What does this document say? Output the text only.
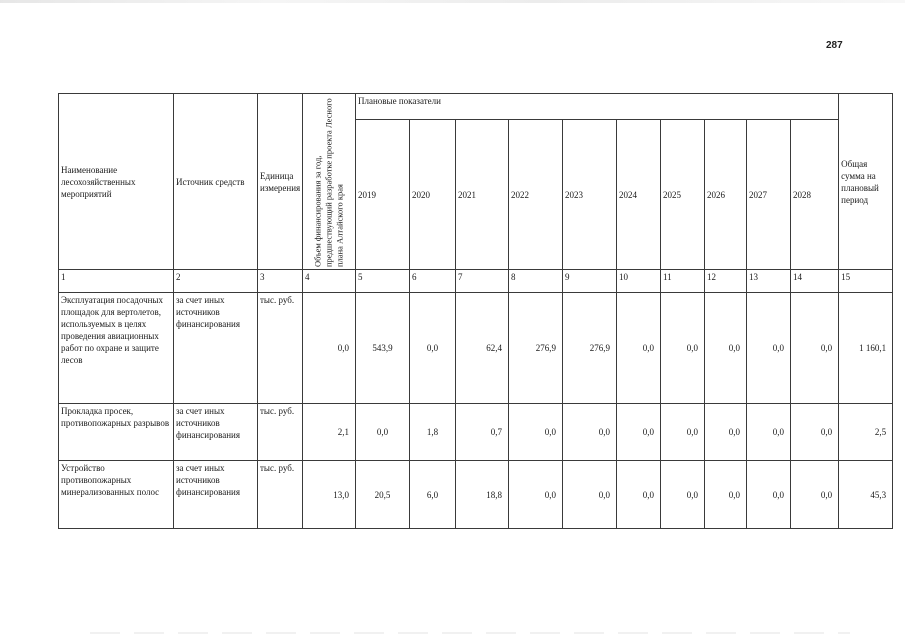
287
Наименование лесохозяйственных мероприятий	Источник средств	Единица измерения	Объем финансирования за год, предшествующий разработке проекта Лесного плана Алтайского края	Плановые показатели										Общая сумма на плановый период
				2019	2020	2021	2022	2023	2024	2025	2026	2027	2028	
1	2	3	4	5	6	7	8	9	10	11	12	13	14	15
Эксплуатация посадочных площадок для вертолетов, используемых в целях проведения авиационных работ по охране и защите лесов	за счет иных источников финансирования	тыс. руб.	0,0	543,9	0,0	62,4	276,9	276,9	0,0	0,0	0,0	0,0	0,0	1 160,1
Прокладка просек, противопожарных разрывов	за счет иных источников финансирования	тыс. руб.	2,1	0,0	1,8	0,7	0,0	0,0	0,0	0,0	0,0	0,0	0,0	2,5
Устройство противопожарных минерализованных полос	за счет иных источников финансирования	тыс. руб.	13,0	20,5	6,0	18,8	0,0	0,0	0,0	0,0	0,0	0,0	0,0	45,3
